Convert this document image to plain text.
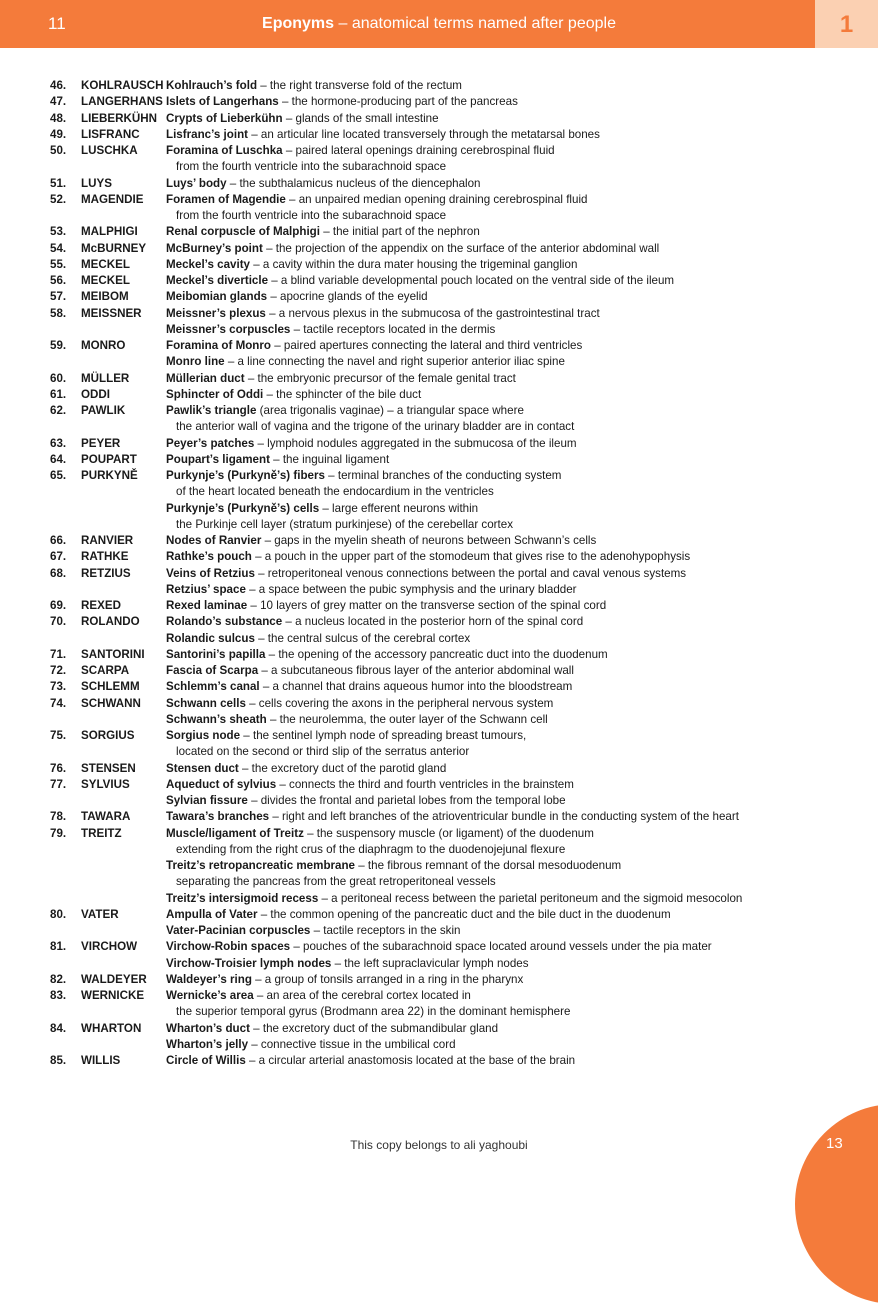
11	Eponyms – anatomical terms named after people	1
46. KOHLRAUSCH Kohlrauch’s fold – the right transverse fold of the rectum
47. LANGERHANS Islets of Langerhans – the hormone-producing part of the pancreas
48. LIEBERKÜHN Crypts of Lieberkühn – glands of the small intestine
49. LISFRANC Lisfranc’s joint – an articular line located transversely through the metatarsal bones
50. LUSCHKA Foramina of Luschka – paired lateral openings draining cerebrospinal fluid
from the fourth ventricle into the subarachnoid space
51. LUYS	Luys’ body – the subthalamicus nucleus of the diencephalon
52. MAGENDIE Foramen of Magendie – an unpaired median opening draining cerebrospinal fluid
from the fourth ventricle into the subarachnoid space
53. MALPHIGI Renal corpuscle of Malphigi – the initial part of the nephron
54. McBURNEY McBurney’s point – the projection of the appendix on the surface of the anterior abdominal wall
55. MECKEL	Meckel’s cavity – a cavity within the dura mater housing the trigeminal ganglion
56. MECKEL	Meckel’s diverticle – a blind variable developmental pouch located on the ventral side of the ileum
57. MEIBOM	Meibomian glands – apocrine glands of the eyelid
58. MEISSNER Meissner’s plexus – a nervous plexus in the submucosa of the gastrointestinal tract
Meissner’s corpuscles – tactile receptors located in the dermis
59. MONRO	Foramina of Monro – paired apertures connecting the lateral and third ventricles
Monro line – a line connecting the navel and right superior anterior iliac spine
60. MÜLLER	Müllerian duct – the embryonic precursor of the female genital tract
61. ODDI	Sphincter of Oddi – the sphincter of the bile duct
62. PAWLIK	Pawlik’s triangle (area trigonalis vaginae) – a triangular space where
the anterior wall of vagina and the trigone of the urinary bladder are in contact
63. PEYER	Peyer’s patches – lymphoid nodules aggregated in the submucosa of the ileum
64. POUPART	Poupart’s ligament – the inguinal ligament
65. PURKYNĚ Purkynje’s (Purkyně’s) fibers – terminal branches of the conducting system
of the heart located beneath the endocardium in the ventricles
Purkynje’s (Purkyně’s) cells – large efferent neurons within
the Purkinje cell layer (stratum purkinjese) of the cerebellar cortex
66. RANVIER	Nodes of Ranvier – gaps in the myelin sheath of neurons between Schwann’s cells
67. RATHKE	Rathke’s pouch – a pouch in the upper part of the stomodeum that gives rise to the adenohypophysis
68. RETZIUS	Veins of Retzius – retroperitoneal venous connections between the portal and caval venous systems
Retzius’ space – a space between the pubic symphysis and the urinary bladder
69. REXED	Rexed laminae – 10 layers of grey matter on the transverse section of the spinal cord
70. ROLANDO Rolando’s substance – a nucleus located in the posterior horn of the spinal cord
Rolandic sulcus – the central sulcus of the cerebral cortex
71. SANTORINI Santorini’s papilla – the opening of the accessory pancreatic duct into the duodenum
72. SCARPA	Fascia of Scarpa – a subcutaneous fibrous layer of the anterior abdominal wall
73. SCHLEMM Schlemm’s canal – a channel that drains aqueous humor into the bloodstream
74. SCHWANN Schwann cells – cells covering the axons in the peripheral nervous system
Schwann’s sheath – the neurolemma, the outer layer of the Schwann cell
75. SORGIUS	Sorgius node – the sentinel lymph node of spreading breast tumours,
located on the second or third slip of the serratus anterior
76. STENSEN	Stensen duct – the excretory duct of the parotid gland
77. SYLVIUS	Aqueduct of sylvius – connects the third and fourth ventricles in the brainstem
Sylvian fissure – divides the frontal and parietal lobes from the temporal lobe
78. TAWARA	Tawara’s branches – right and left branches of the atrioventricular bundle in the conducting system of the heart
79. TREITZ	Muscle/ligament of Treitz – the suspensory muscle (or ligament) of the duodenum
extending from the right crus of the diaphragm to the duodenojejunal flexure
Treitz’s retropancreatic membrane – the fibrous remnant of the dorsal mesoduodenum
separating the pancreas from the great retroperitoneal vessels
Treitz’s intersigmoid recess – a peritoneal recess between the parietal peritoneum and the sigmoid mesocolon
80. VATER	Ampulla of Vater – the common opening of the pancreatic duct and the bile duct in the duodenum
Vater-Pacinian corpuscles – tactile receptors in the skin
81. VIRCHOW Virchow-Robin spaces – pouches of the subarachnoid space located around vessels under the pia mater
Virchow-Troisier lymph nodes – the left supraclavicular lymph nodes
82. WALDEYER Waldeyer’s ring – a group of tonsils arranged in a ring in the pharynx
83. WERNICKE Wernicke’s area – an area of the cerebral cortex located in
the superior temporal gyrus (Brodmann area 22) in the dominant hemisphere
84. WHARTON Wharton’s duct – the excretory duct of the submandibular gland
Wharton’s jelly – connective tissue in the umbilical cord
85. WILLIS	Circle of Willis – a circular arterial anastomosis located at the base of the brain
This copy belongs to ali yaghoubi	13
